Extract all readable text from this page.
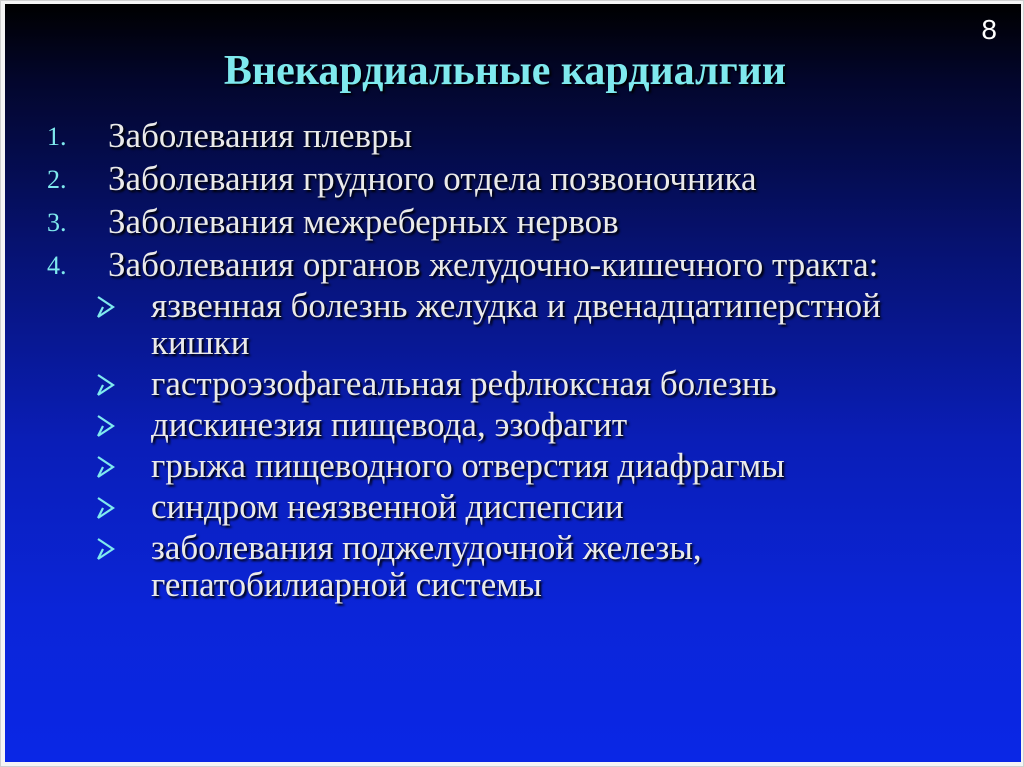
8
Внекардиальные кардиалгии
1. Заболевания плевры
2. Заболевания грудного отдела позвоночника
3. Заболевания межреберных нервов
4. Заболевания органов желудочно-кишечного тракта:
язвенная болезнь желудка и двенадцатиперстной
кишки
гастроэзофагеальная рефлюксная болезнь
дискинезия пищевода, эзофагит
грыжа пищеводного отверстия диафрагмы
синдром неязвенной диспепсии
заболевания поджелудочной железы,
гепатобилиарной системы
